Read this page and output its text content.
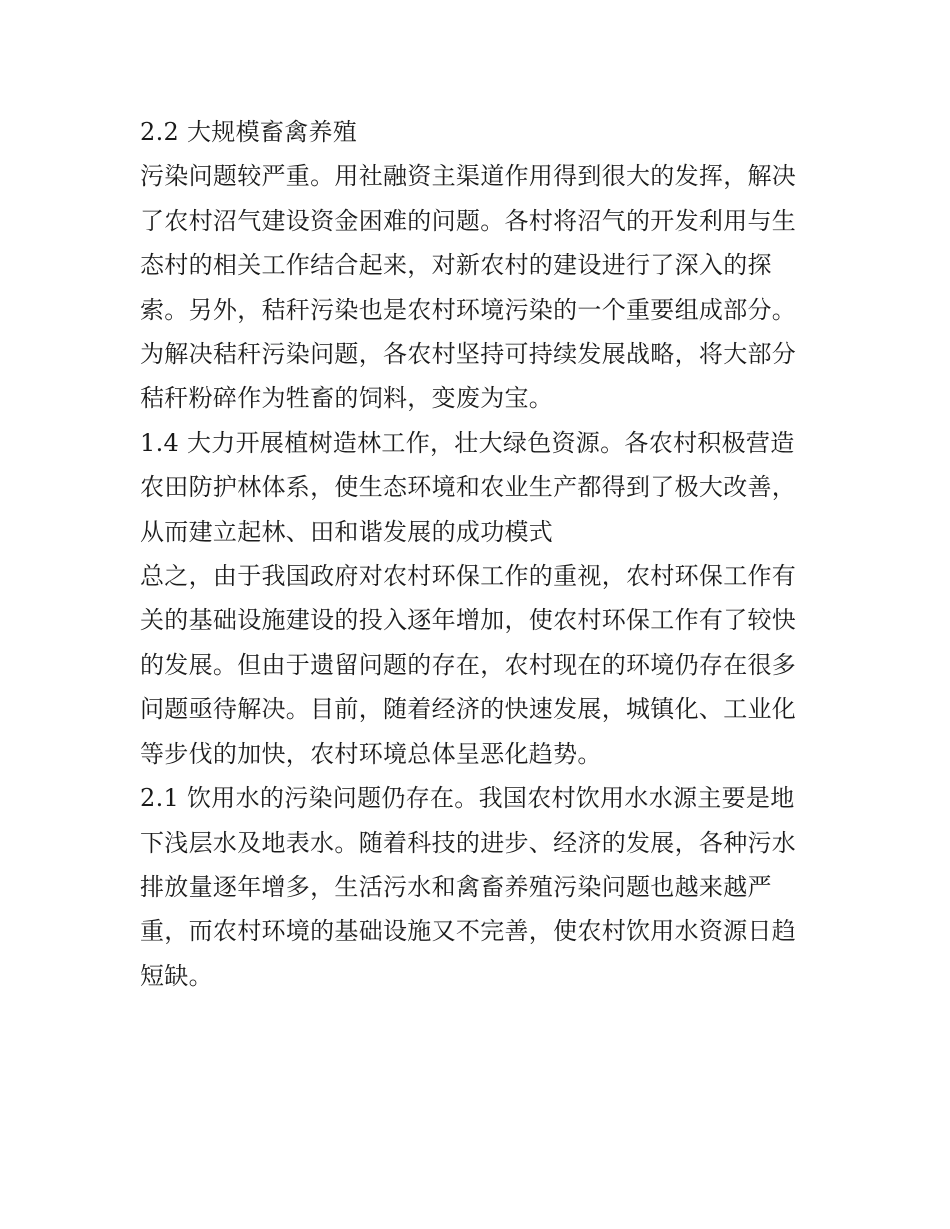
2.2 大规模畜禽养殖

污染问题较严重。用社融资主渠道作用得到很大的发挥，解决了农村沼气建设资金困难的问题。各村将沼气的开发利用与生态村的相关工作结合起来，对新农村的建设进行了深入的探索。另外，秸秆污染也是农村环境污染的一个重要组成部分。为解决秸秆污染问题，各农村坚持可持续发展战略，将大部分秸秆粉碎作为牲畜的饲料，变废为宝。

1.4 大力开展植树造林工作，壮大绿色资源。各农村积极营造农田防护林体系，使生态环境和农业生产都得到了极大改善，从而建立起林、田和谐发展的成功模式

总之，由于我国政府对农村环保工作的重视，农村环保工作有关的基础设施建设的投入逐年增加，使农村环保工作有了较快的发展。但由于遗留问题的存在，农村现在的环境仍存在很多问题亟待解决。目前，随着经济的快速发展，城镇化、工业化等步伐的加快，农村环境总体呈恶化趋势。

2.1 饮用水的污染问题仍存在。我国农村饮用水水源主要是地下浅层水及地表水。随着科技的进步、经济的发展，各种污水排放量逐年增多，生活污水和禽畜养殖污染问题也越来越严重，而农村环境的基础设施又不完善，使农村饮用水资源日趋短缺。
